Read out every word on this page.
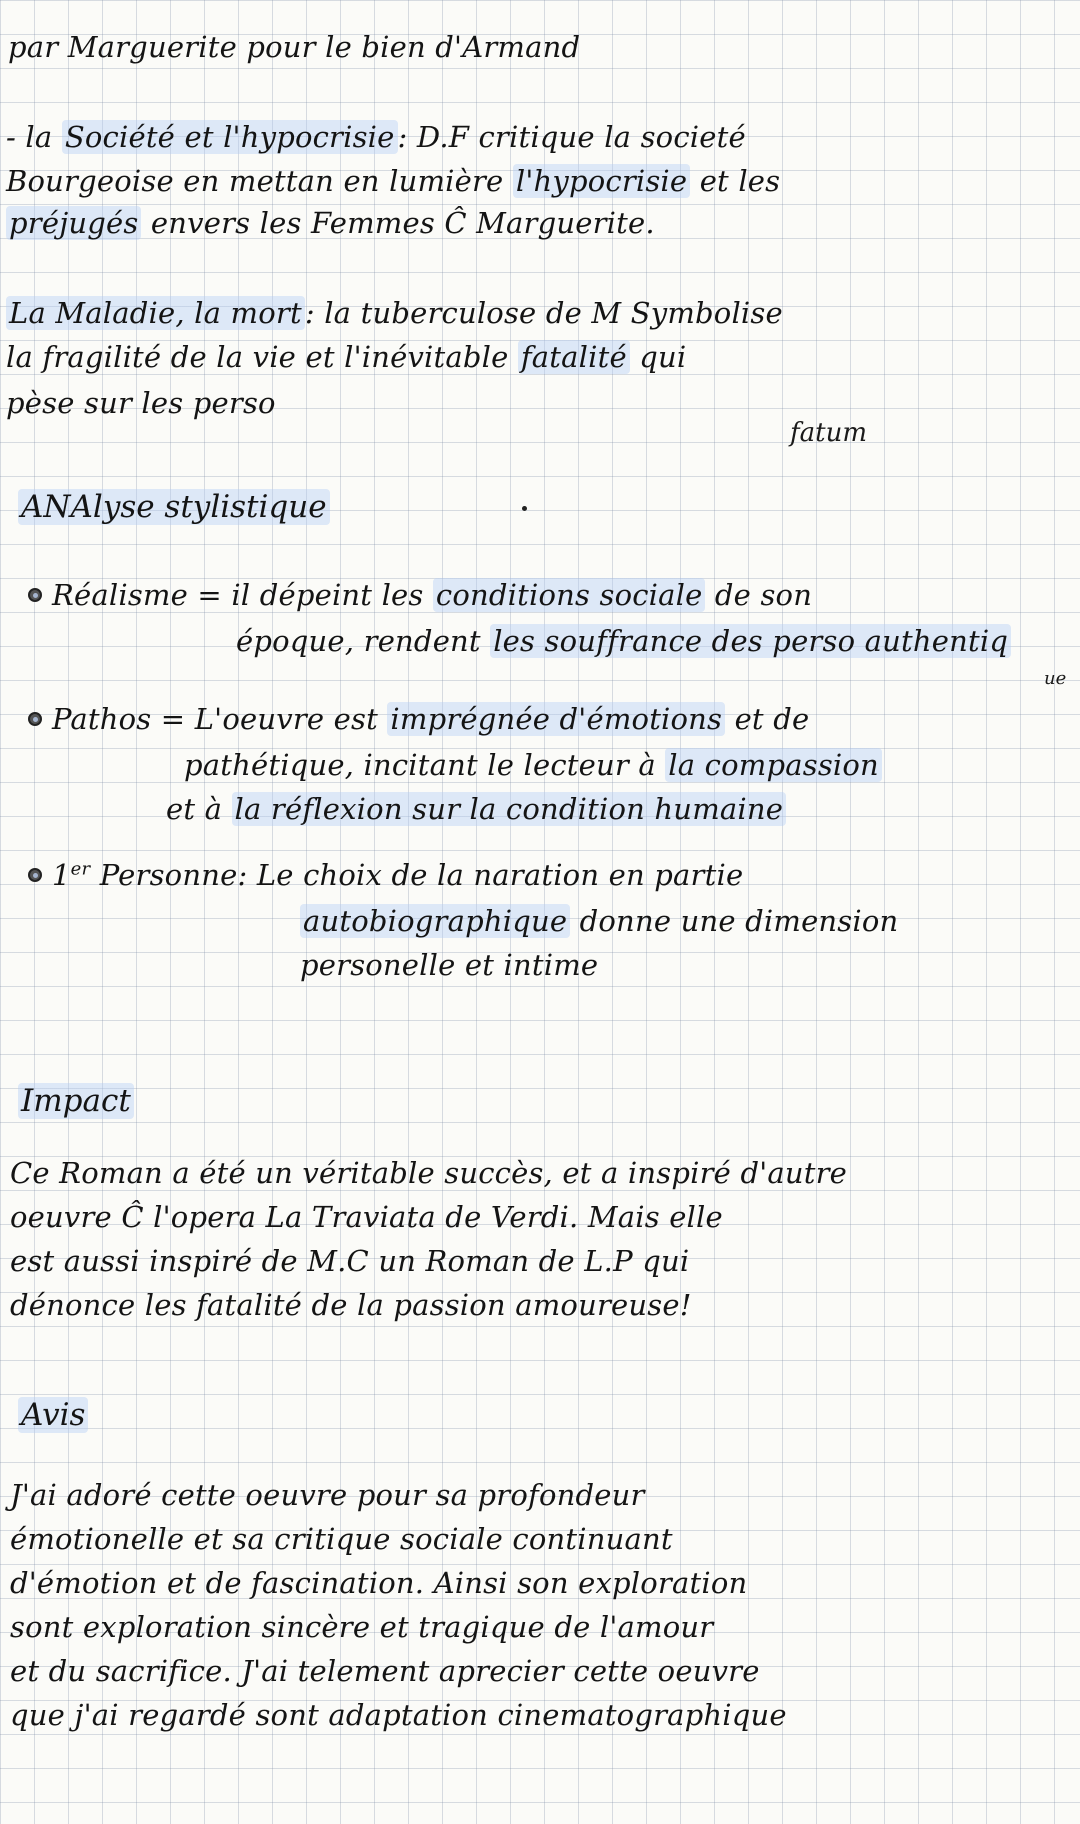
par Marguerite pour le bien d'Armand
- la Société et l'hypocrisie : D.F critique la societé
Bourgeoise en mettan en lumière l'hypocrisie et les
préjugés envers les Femmes Ĉ Marguerite.
La Maladie, la mort : la tuberculose de M Symbolise
la fragilité de la vie et l'inévitable fatalité qui
pèse sur les perso
fatum
ANAlyse stylistique
Réalisme = il dépeint les conditions sociale de son
époque, rendent les souffrance des perso authentiq
ue
Pathos = L'oeuvre est imprégnée d'émotions et de
pathétique, incitant le lecteur à la compassion
et à la réflexion sur la condition humaine
1er Personne: Le choix de la naration en partie
autobiographique donne une dimension
personelle et intime
Impact
Ce Roman a été un véritable succès, et a inspiré d'autre
oeuvre Ĉ l'opera La Traviata de Verdi. Mais elle
est aussi inspiré de M.C un Roman de L.P qui
dénonce les fatalité de la passion amoureuse!
Avis
J'ai adoré cette oeuvre pour sa profondeur
émotionelle et sa critique sociale continuant
d'émotion et de fascination. Ainsi son exploration
sont exploration sincère et tragique de l'amour
et du sacrifice. J'ai telement aprecier cette oeuvre
que j'ai regardé sont adaptation cinematographique
